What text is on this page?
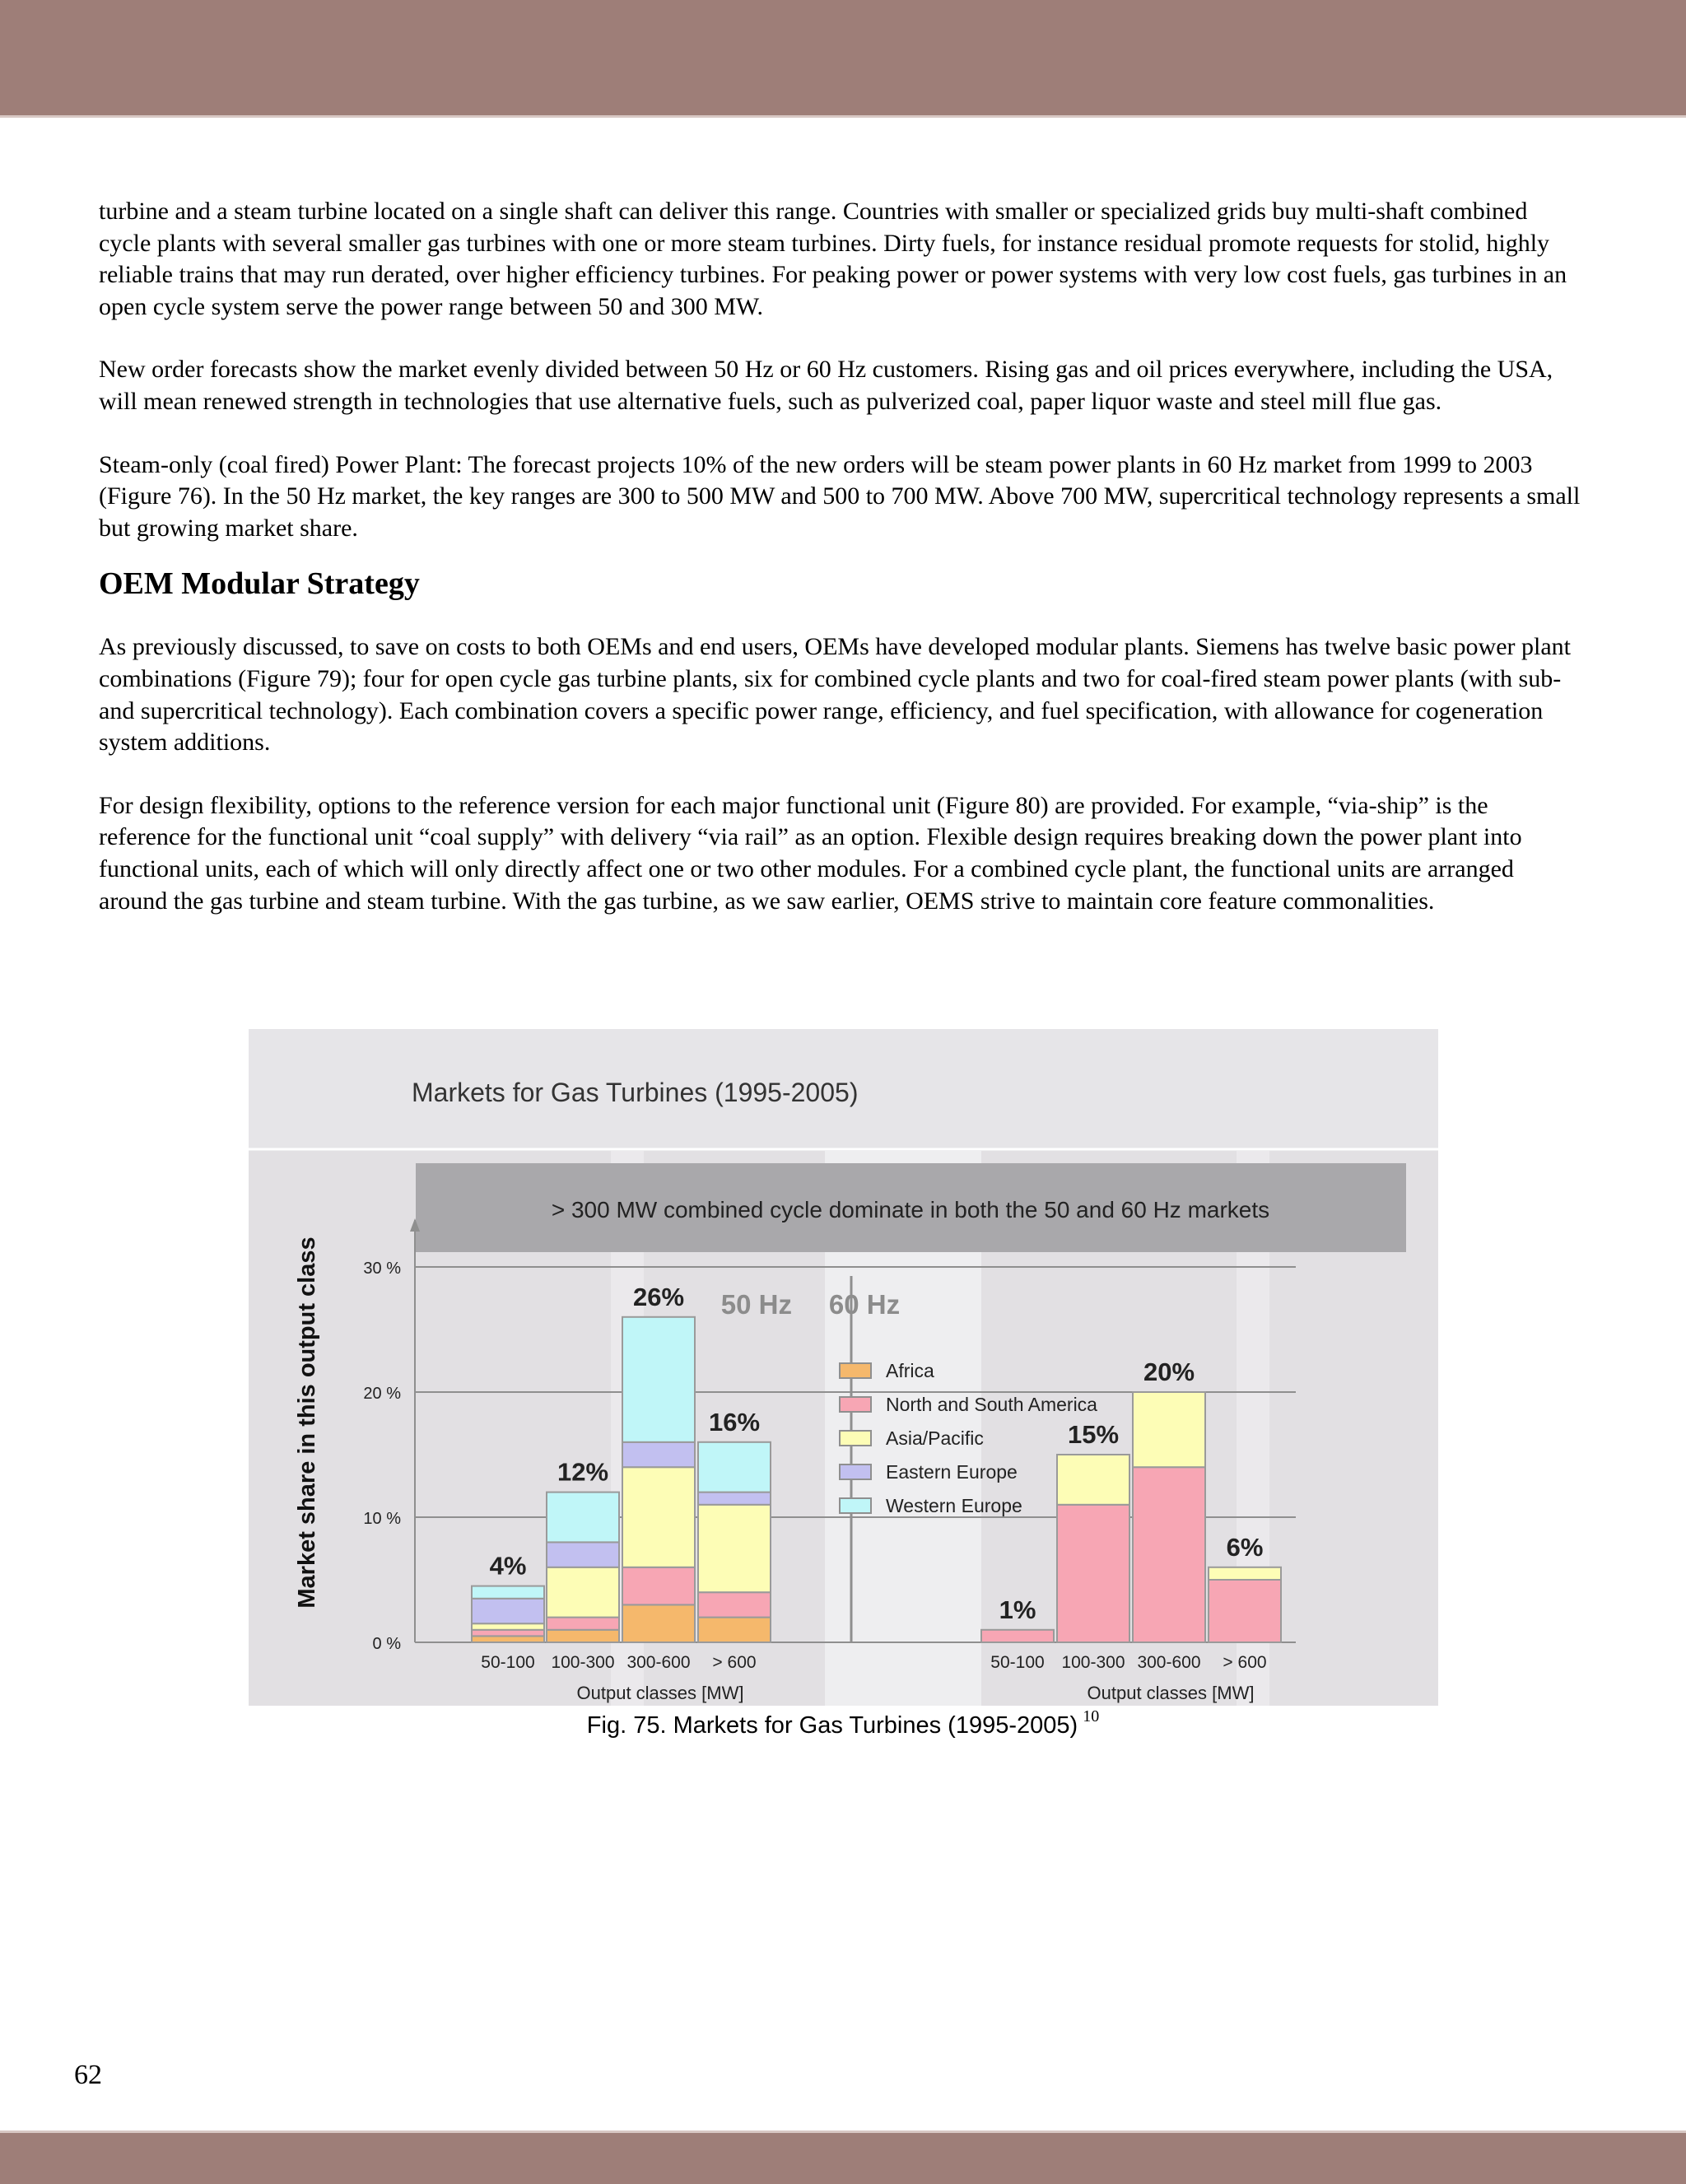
turbine and a steam turbine located on a single shaft can deliver this range. Countries with smaller or specialized grids buy multi-shaft combined cycle plants with several smaller gas turbines with one or more steam turbines. Dirty fuels, for instance residual promote requests for stolid, highly reliable trains that may run derated, over higher efficiency turbines. For peaking power or power systems with very low cost fuels, gas turbines in an open cycle system serve the power range between 50 and 300 MW.

New order forecasts show the market evenly divided between 50 Hz or 60 Hz customers. Rising gas and oil prices everywhere, including the USA, will mean renewed strength in technologies that use alternative fuels, such as pulverized coal, paper liquor waste and steel mill flue gas.

Steam-only (coal fired) Power Plant: The forecast projects 10% of the new orders will be steam power plants in 60 Hz market from 1999 to 2003 (Figure 76). In the 50 Hz market, the key ranges are 300 to 500 MW and 500 to 700 MW. Above 700 MW, supercritical technology represents a small but growing market share.

OEM Modular Strategy

As previously discussed, to save on costs to both OEMs and end users, OEMs have developed modular plants. Siemens has twelve basic power plant combinations (Figure 79); four for open cycle gas turbine plants, six for combined cycle plants and two for coal-fired steam power plants (with sub- and supercritical technology). Each combination covers a specific power range, efficiency, and fuel specification, with allowance for cogeneration system additions.

For design flexibility, options to the reference version for each major functional unit (Figure 80) are provided. For example, “via-ship” is the reference for the functional unit “coal supply” with delivery “via rail” as an option. Flexible design requires breaking down the power plant into functional units, each of which will only directly affect one or two other modules. For a combined cycle plant, the functional units are arranged around the gas turbine and steam turbine. With the gas turbine, as we saw earlier, OEMS strive to maintain core feature commonalities.

Markets for Gas Turbines (1995-2005)
> 300 MW combined cycle dominate in both the 50 and 60 Hz markets
Market share in this output class	50 Hz 60 Hz
0 %
10 %
20 %
30 %
4%
50-100
12%
100-300
26%
300-600
16%
> 600
1%
50-100
15%
100-300
20%
300-600
6%
> 600
Africa
North and South America
Asia/Pacific
Eastern Europe
Western Europe
Output classes [MW]	Output classes [MW]
Fig. 75. Markets for Gas Turbines (1995-2005) $^{10}$
62
